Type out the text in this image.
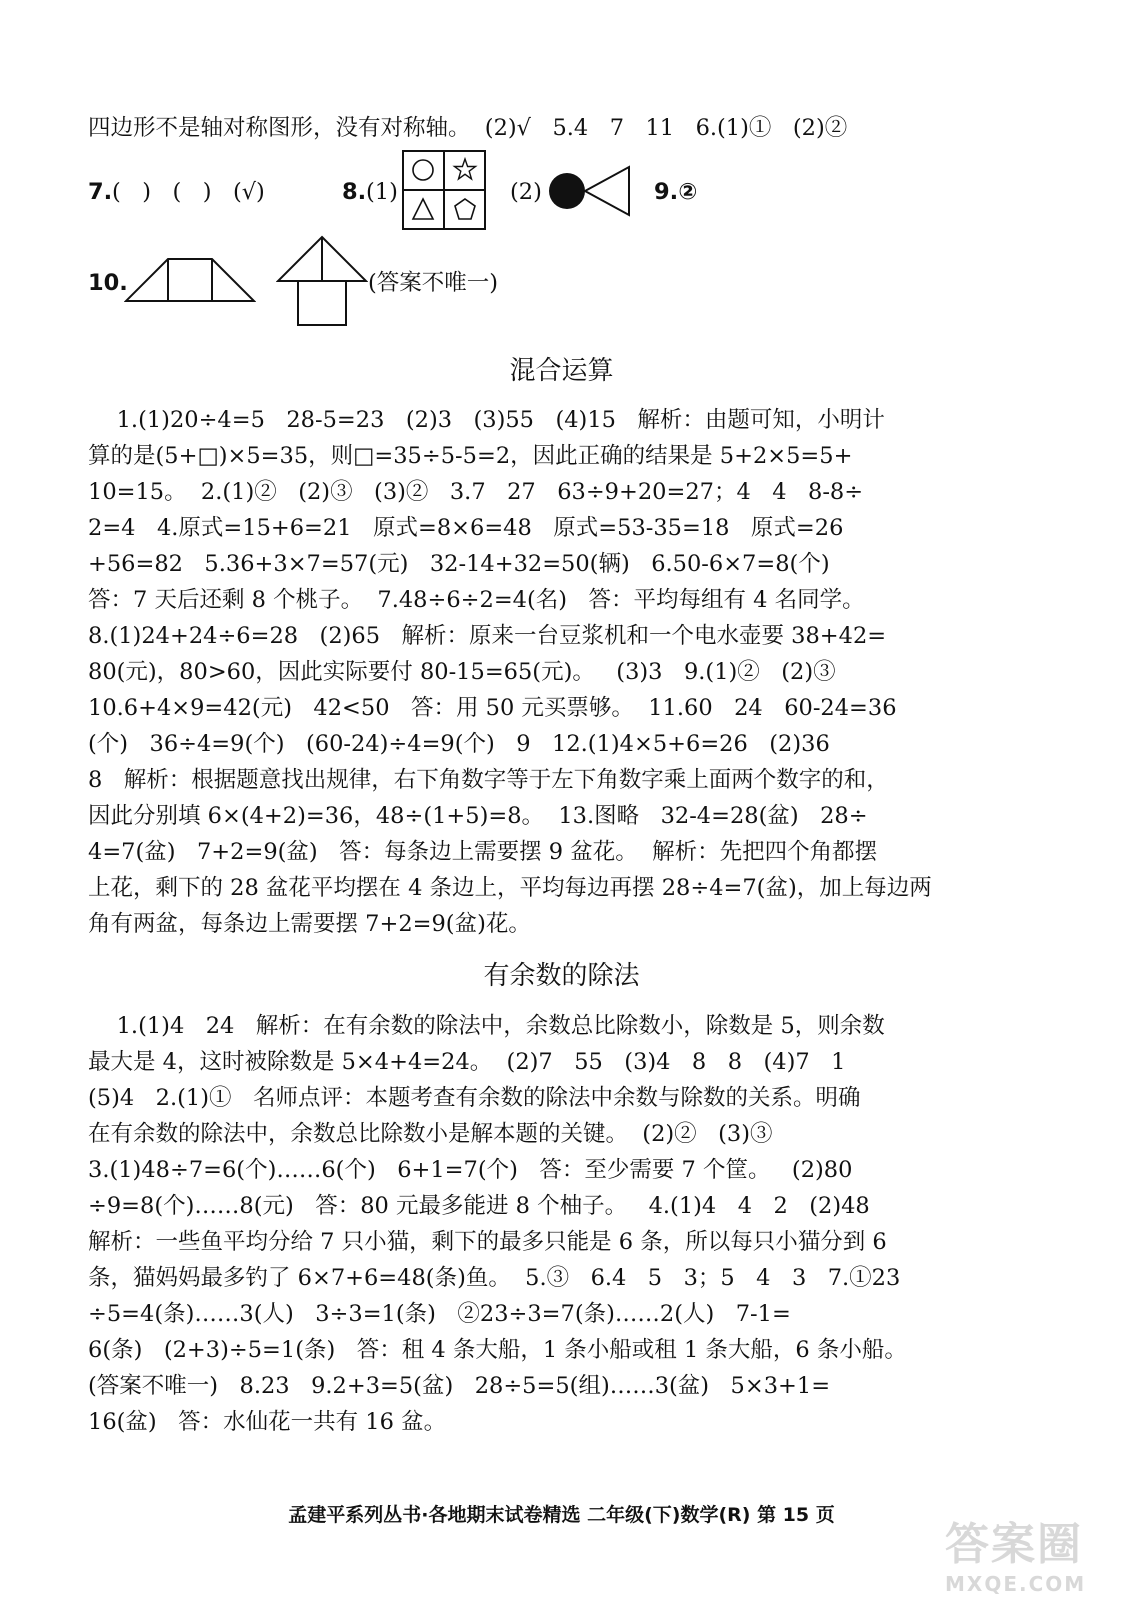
四边形不是轴对称图形，没有对称轴。  (2)√   5.4   7   11   6.(1)①   (2)②
7. (   )   (   )   (√)	8. (1)	(2)	9.②
10.	(答案不唯一)
混合运算
1.(1)20÷4=5   28-5=23   (2)3   (3)55   (4)15   解析：由题可知，小明计
算的是(5+□)×5=35，则□=35÷5-5=2，因此正确的结果是 5+2×5=5+
10=15。  2.(1)②   (2)③   (3)②   3.7   27   63÷9+20=27；4   4   8-8÷
2=4   4.原式=15+6=21   原式=8×6=48   原式=53-35=18   原式=26
+56=82   5.36+3×7=57(元)   32-14+32=50(辆)   6.50-6×7=8(个)
答：7 天后还剩 8 个桃子。  7.48÷6÷2=4(名)   答：平均每组有 4 名同学。
8.(1)24+24÷6=28   (2)65   解析：原来一台豆浆机和一个电水壶要 38+42=
80(元)，80>60，因此实际要付 80-15=65(元)。   (3)3   9.(1)②   (2)③
10.6+4×9=42(元)   42<50   答：用 50 元买票够。  11.60   24   60-24=36
(个)   36÷4=9(个)   (60-24)÷4=9(个)   9   12.(1)4×5+6=26   (2)36
8   解析：根据题意找出规律，右下角数字等于左下角数字乘上面两个数字的和，
因此分别填 6×(4+2)=36，48÷(1+5)=8。  13.图略   32-4=28(盆)   28÷
4=7(盆)   7+2=9(盆)   答：每条边上需要摆 9 盆花。  解析：先把四个角都摆
上花，剩下的 28 盆花平均摆在 4 条边上，平均每边再摆 28÷4=7(盆)，加上每边两
角有两盆，每条边上需要摆 7+2=9(盆)花。
有余数的除法
1.(1)4   24   解析：在有余数的除法中，余数总比除数小，除数是 5，则余数
最大是 4，这时被除数是 5×4+4=24。  (2)7   55   (3)4   8   8   (4)7   1
(5)4   2.(1)①   名师点评：本题考查有余数的除法中余数与除数的关系。明确
在有余数的除法中，余数总比除数小是解本题的关键。  (2)②   (3)③
3.(1)48÷7=6(个)……6(个)   6+1=7(个)   答：至少需要 7 个筐。   (2)80
÷9=8(个)……8(元)   答：80 元最多能进 8 个柚子。   4.(1)4   4   2   (2)48
解析：一些鱼平均分给 7 只小猫，剩下的最多只能是 6 条，所以每只小猫分到 6
条，猫妈妈最多钓了 6×7+6=48(条)鱼。  5.③   6.4   5   3；5   4   3   7.①23
÷5=4(条)……3(人)   3÷3=1(条)   ②23÷3=7(条)……2(人)   7-1=
6(条)   (2+3)÷5=1(条)   答：租 4 条大船，1 条小船或租 1 条大船，6 条小船。
(答案不唯一)   8.23   9.2+3=5(盆)   28÷5=5(组)……3(盆)   5×3+1=
16(盆)   答：水仙花一共有 16 盆。
孟建平系列丛书·各地期末试卷精选 二年级(下)数学(R) 第 15 页
答案圈
MXQE.COM
